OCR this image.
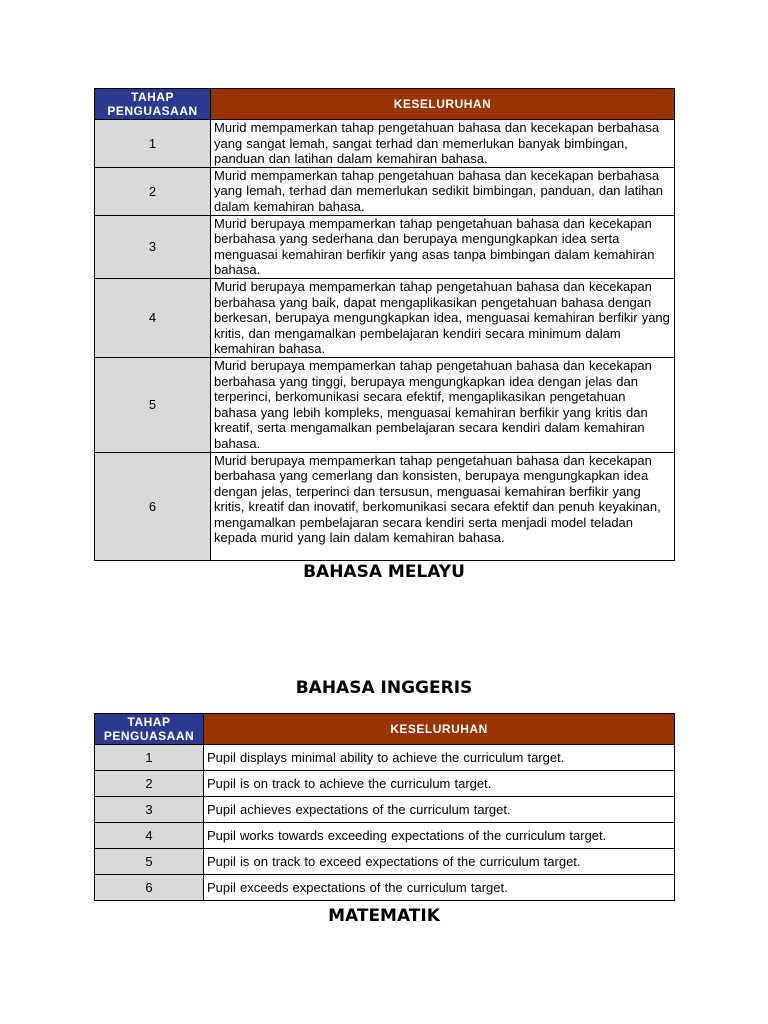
TAHAP PENGUASAAN	KESELURUHAN
1	Murid mempamerkan tahap pengetahuan bahasa dan kecekapan berbahasa yang sangat lemah, sangat terhad dan memerlukan banyak bimbingan, panduan dan latihan dalam kemahiran bahasa.
2	Murid mempamerkan tahap pengetahuan bahasa dan kecekapan berbahasa yang lemah, terhad dan memerlukan sedikit bimbingan, panduan, dan latihan dalam kemahiran bahasa.
3	Murid berupaya mempamerkan tahap pengetahuan bahasa dan kecekapan berbahasa yang sederhana dan berupaya mengungkapkan idea serta menguasai kemahiran berfikir yang asas tanpa bimbingan dalam kemahiran bahasa.
4	Murid berupaya mempamerkan tahap pengetahuan bahasa dan kecekapan berbahasa yang baik, dapat mengaplikasikan pengetahuan bahasa dengan berkesan, berupaya mengungkapkan idea, menguasai kemahiran berfikir yang kritis, dan mengamalkan pembelajaran kendiri secara minimum dalam kemahiran bahasa.
5	Murid berupaya mempamerkan tahap pengetahuan bahasa dan kecekapan berbahasa yang tinggi, berupaya mengungkapkan idea dengan jelas dan terperinci, berkomunikasi secara efektif, mengaplikasikan pengetahuan bahasa yang lebih kompleks, menguasai kemahiran berfikir yang kritis dan kreatif, serta mengamalkan pembelajaran secara kendiri dalam kemahiran bahasa.
6	Murid berupaya mempamerkan tahap pengetahuan bahasa dan kecekapan berbahasa yang cemerlang dan konsisten, berupaya mengungkapkan idea dengan jelas, terperinci dan tersusun, menguasai kemahiran berfikir yang kritis, kreatif dan inovatif, berkomunikasi secara efektif dan penuh keyakinan, mengamalkan pembelajaran secara kendiri serta menjadi model teladan kepada murid yang lain dalam kemahiran bahasa.
BAHASA MELAYU
BAHASA INGGERIS
TAHAP PENGUASAAN	KESELURUHAN
1	Pupil displays minimal ability to achieve the curriculum target.
2	Pupil is on track to achieve the curriculum target.
3	Pupil achieves expectations of the curriculum target.
4	Pupil works towards exceeding expectations of the curriculum target.
5	Pupil is on track to exceed expectations of the curriculum target.
6	Pupil exceeds expectations of the curriculum target.
MATEMATIK
